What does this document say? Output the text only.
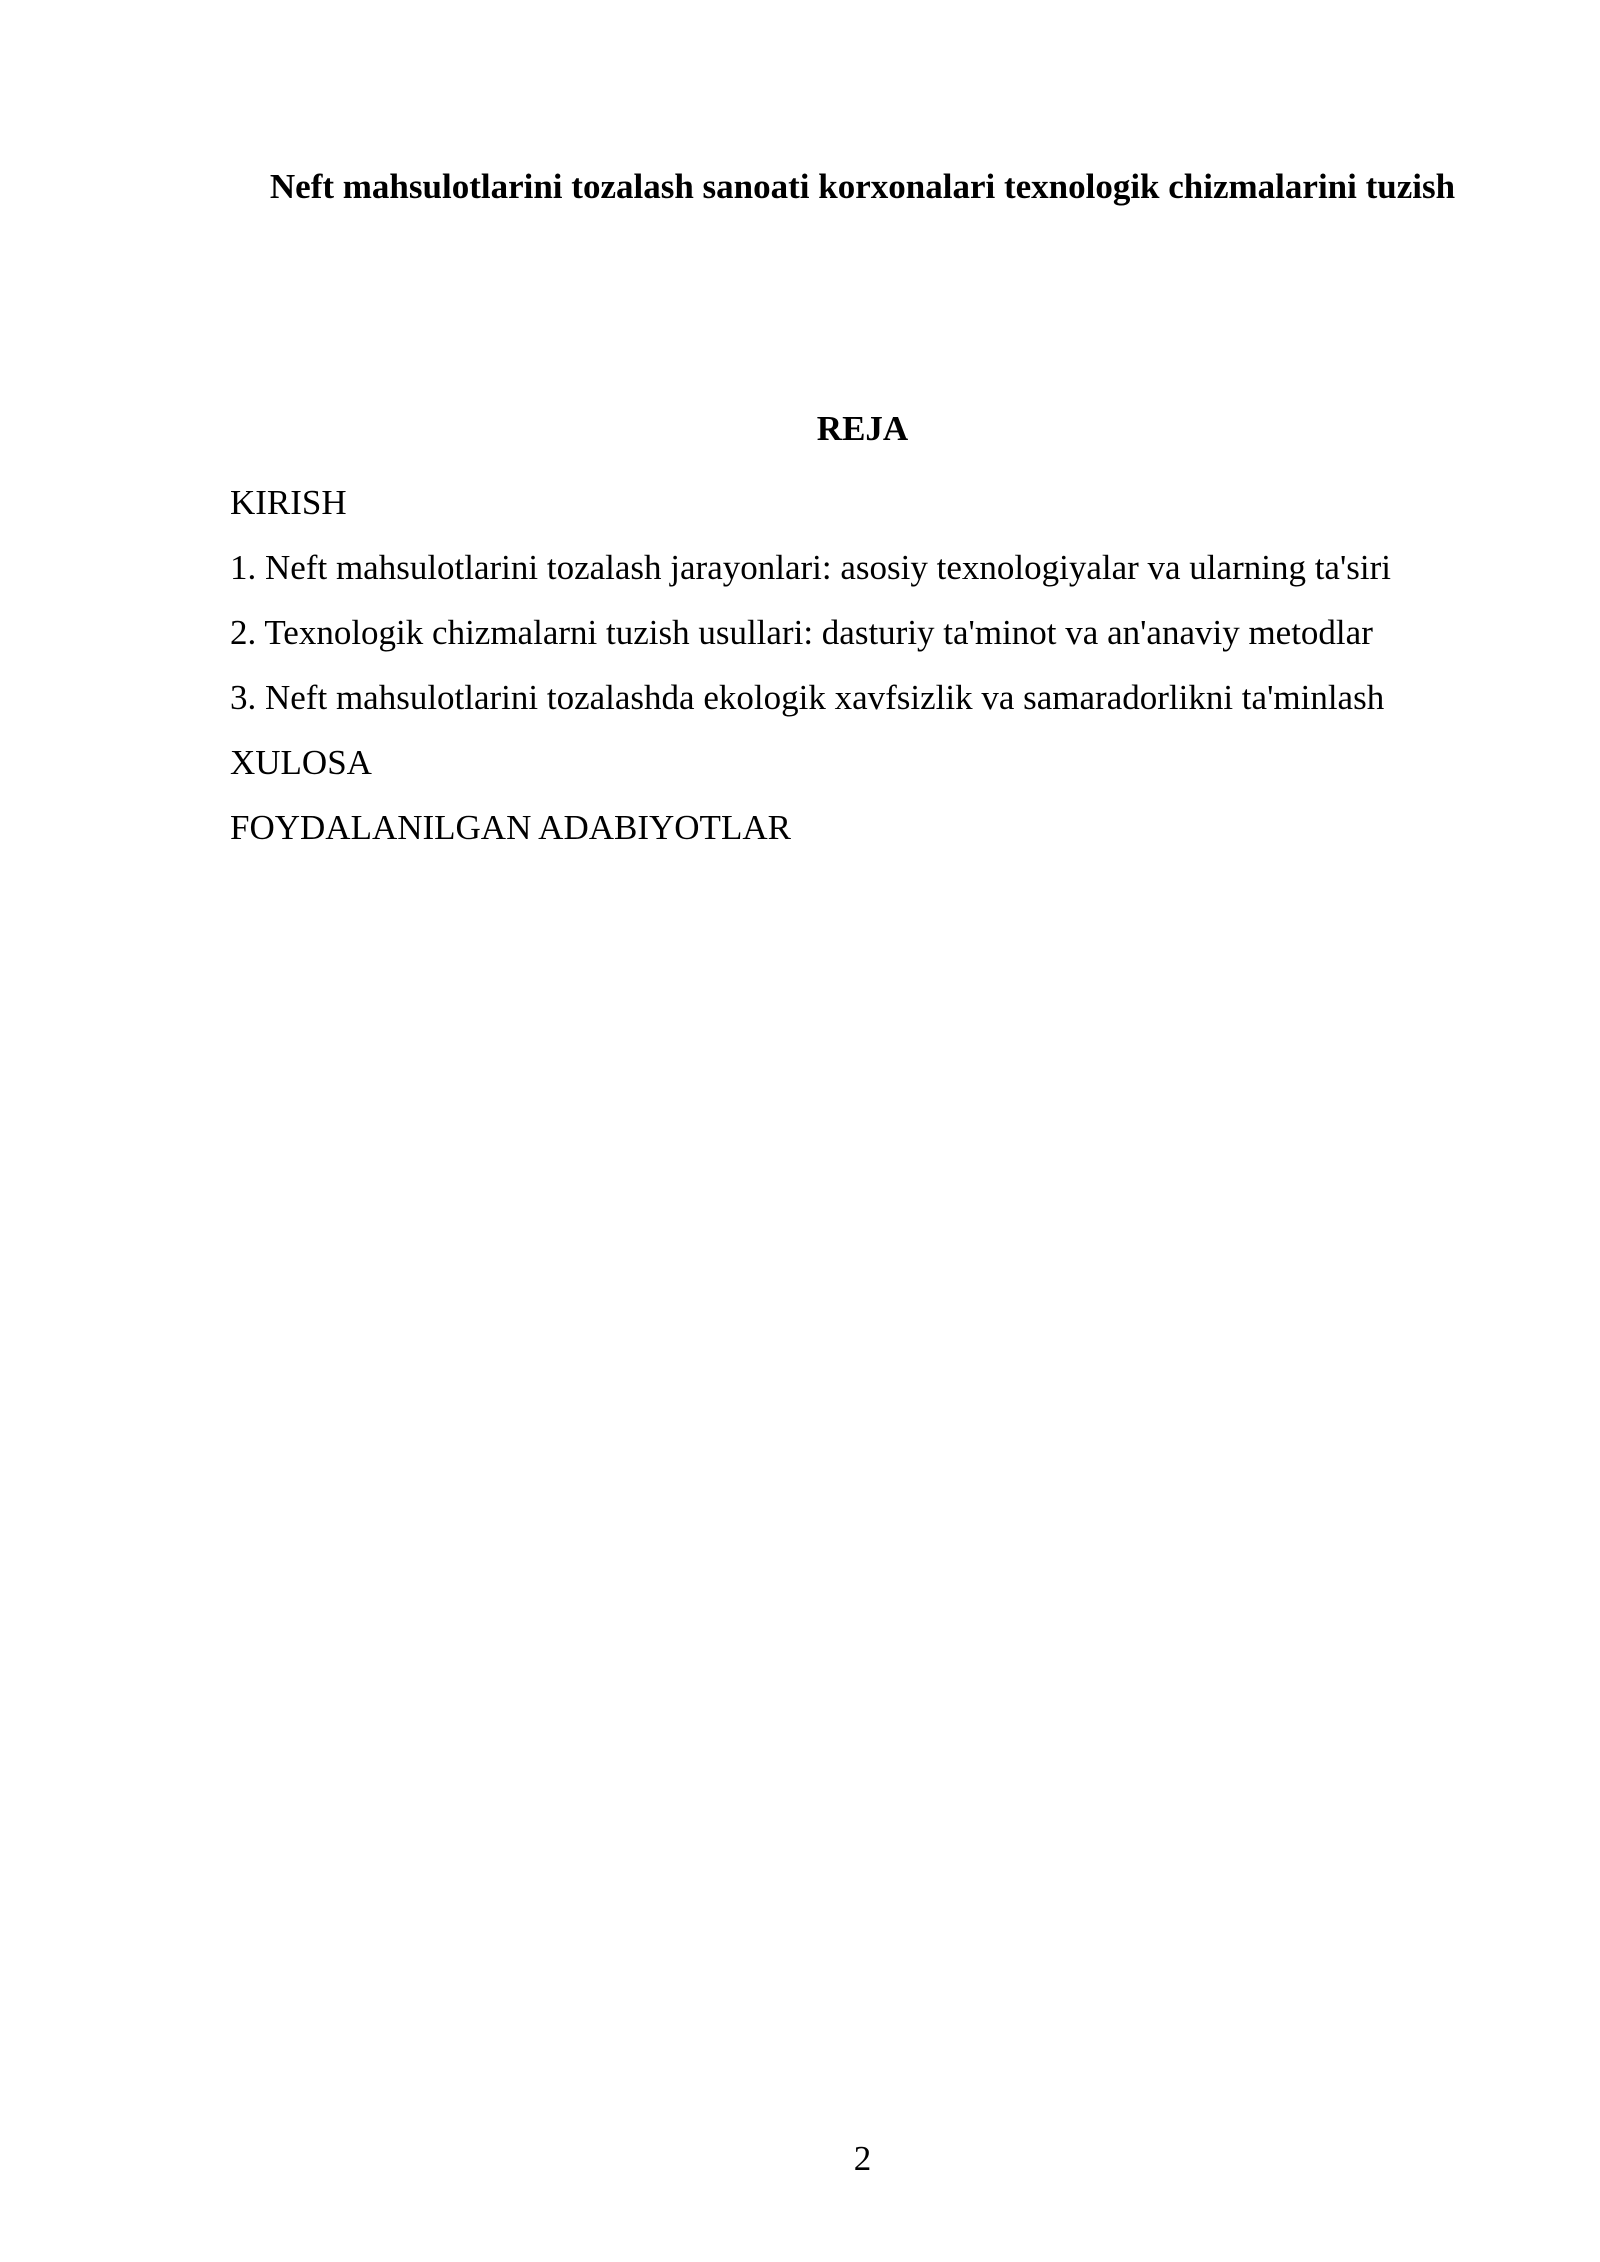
Neft mahsulotlarini tozalash sanoati korxonalari texnologik chizmalarini tuzish
REJA
KIRISH
1. Neft mahsulotlarini tozalash jarayonlari: asosiy texnologiyalar va ularning ta'siri
2. Texnologik chizmalarni tuzish usullari: dasturiy ta'minot va an'anaviy metodlar
3. Neft mahsulotlarini tozalashda ekologik xavfsizlik va samaradorlikni ta'minlash
XULOSA
FOYDALANILGAN ADABIYOTLAR
2
